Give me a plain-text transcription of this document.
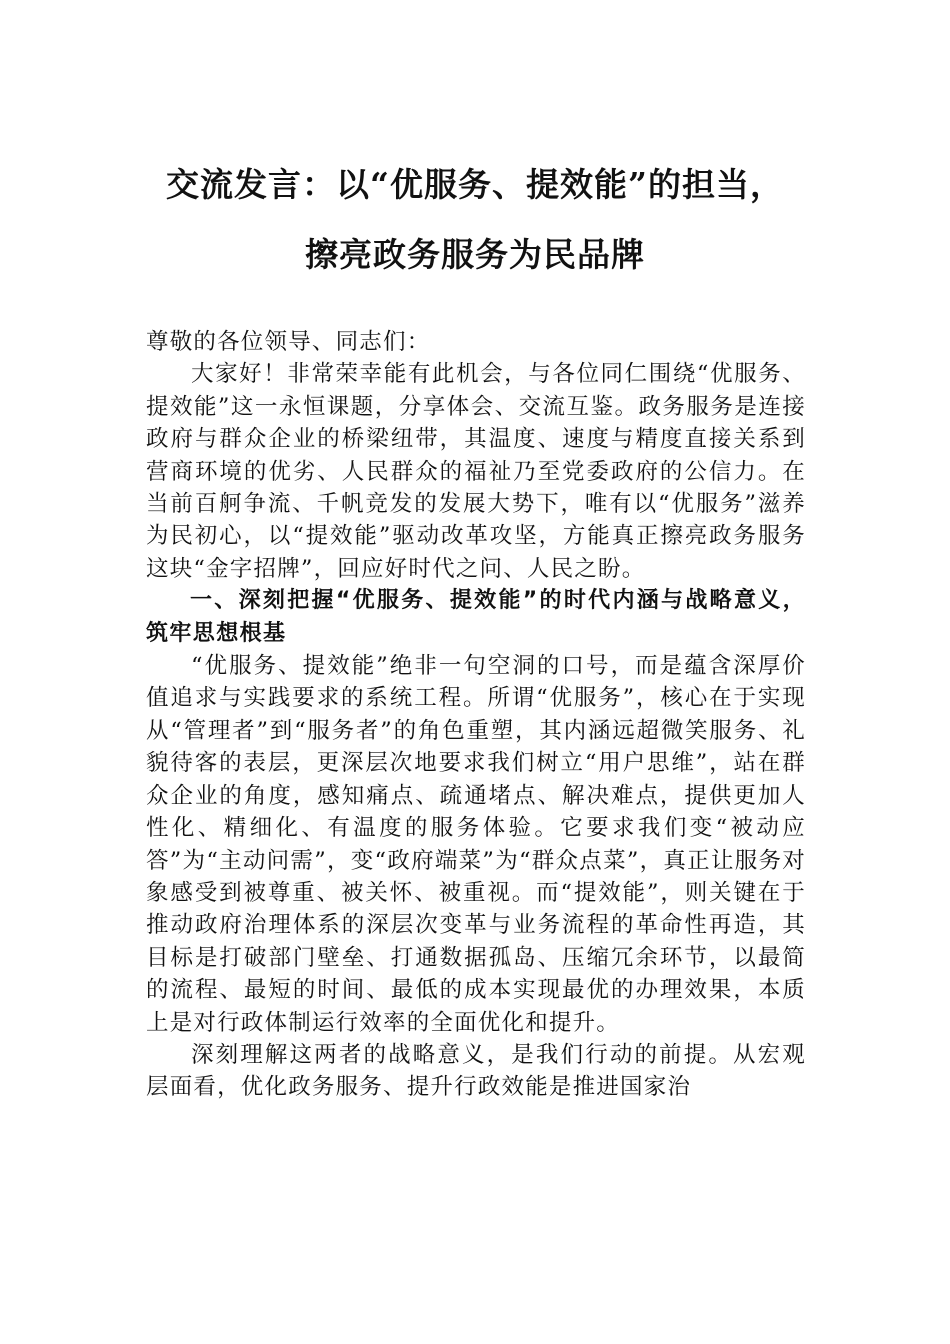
交流发言：以“优服务、提效能”的担当，
擦亮政务服务为民品牌

尊敬的各位领导、同志们：

大家好！非常荣幸能有此机会，与各位同仁围绕“优服务、提效能”这一永恒课题，分享体会、交流互鉴。政务服务是连接政府与群众企业的桥梁纽带，其温度、速度与精度直接关系到营商环境的优劣、人民群众的福祉乃至党委政府的公信力。在当前百舸争流、千帆竞发的发展大势下，唯有以“优服务”滋养为民初心，以“提效能”驱动改革攻坚，方能真正擦亮政务服务这块“金字招牌”，回应好时代之问、人民之盼。

一、深刻把握“优服务、提效能”的时代内涵与战略意义，筑牢思想根基

“优服务、提效能”绝非一句空洞的口号，而是蕴含深厚价值追求与实践要求的系统工程。所谓“优服务”，核心在于实现从“管理者”到“服务者”的角色重塑，其内涵远超微笑服务、礼貌待客的表层，更深层次地要求我们树立“用户思维”，站在群众企业的角度，感知痛点、疏通堵点、解决难点，提供更加人性化、精细化、有温度的服务体验。它要求我们变“被动应答”为“主动问需”，变“政府端菜”为“群众点菜”，真正让服务对象感受到被尊重、被关怀、被重视。而“提效能”，则关键在于推动政府治理体系的深层次变革与业务流程的革命性再造，其目标是打破部门壁垒、打通数据孤岛、压缩冗余环节，以最简的流程、最短的时间、最低的成本实现最优的办理效果，本质上是对行政体制运行效率的全面优化和提升。

深刻理解这两者的战略意义，是我们行动的前提。从宏观层面看，优化政务服务、提升行政效能是推进国家治
